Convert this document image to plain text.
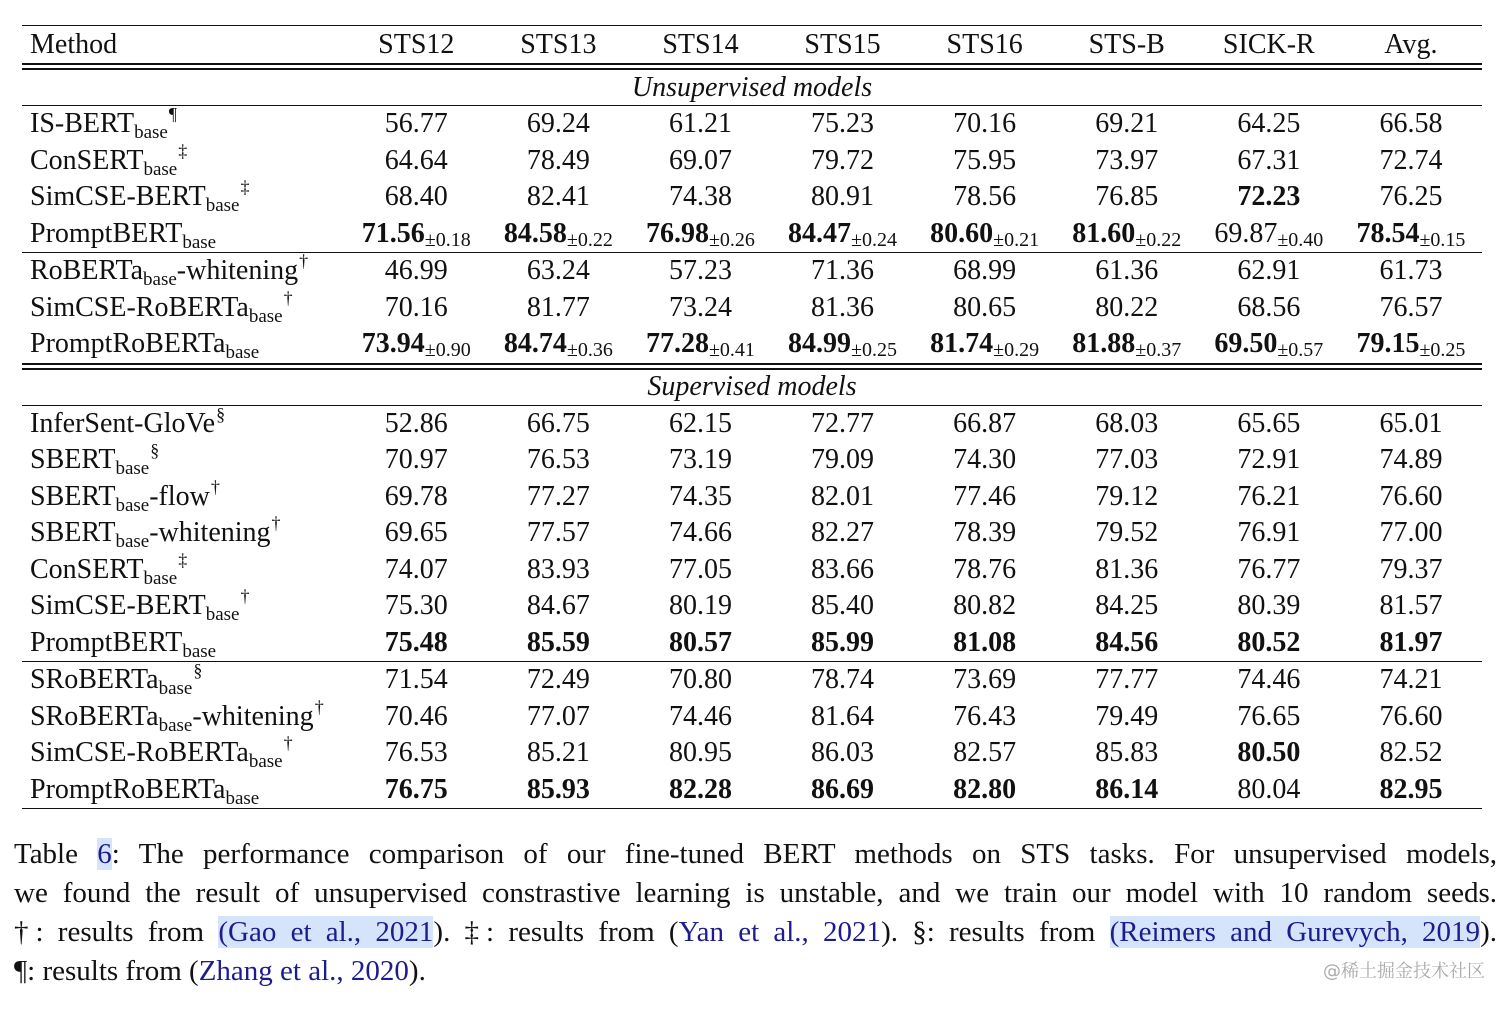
Method	STS12	STS13	STS14	STS15	STS16	STS-B	SICK-R	Avg.
Unsupervised models								
$IS-BERT_{base}^\P$	56.77	69.24	61.21	75.23	70.16	69.21	64.25	66.58
ConSERT$_{base}$‡	64.64	78.49	69.07	79.72	75.95	73.97	67.31	72.74
SimCSE-$BERT_{base}^\ddagger$	68.40	82.41	74.38	80.91	78.56	76.85	72.23	76.25
PromptBERT$_{base}$	71.56±0.18	84.58±0.22	76.98±0.26	84.47±0.24	80.60±0.21	81.60±0.22	69.87±0.40	78.54±0.15
RoBERTa$_{base}$-whitening†	46.99	63.24	57.23	71.36	68.99	61.36	62.91	61.73
SimCSE-RoBERTa$_{base}$†	70.16	81.77	73.24	81.36	80.65	80.22	68.56	76.57
PromptRoBERTa$_{base}$	73.94±0.90	84.74±0.36	77.28±0.41	84.99±0.25	81.74±0.29	81.88±0.37	69.50±0.57	79.15±0.25
Supervised models								
InferSent-GloVe§	52.86	66.75	62.15	72.77	66.87	68.03	65.65	65.01
$SBERT_{base}^\S$	70.97	76.53	73.19	79.09	74.30	77.03	72.91	74.89
$SBERT_{base}-flow^\dagger$	69.78	77.27	74.35	82.01	77.46	79.12	76.21	76.60
$SBERT_{base}-whitening^\dagger$	69.65	77.57	74.66	82.27	78.39	79.52	76.91	77.00
ConSERT$_{base}$‡	74.07	83.93	77.05	83.66	78.76	81.36	76.77	79.37
SimCSE-$BERT_{base}^\dagger$	75.30	84.67	80.19	85.40	80.82	84.25	80.39	81.57
PromptBERT$_{base}$	75.48	85.59	80.57	85.99	81.08	84.56	80.52	81.97
SRoBERTa$_{base}$§	71.54	72.49	70.80	78.74	73.69	77.77	74.46	74.21
SRoBERTa$_{base}$-whitening†	70.46	77.07	74.46	81.64	76.43	79.49	76.65	76.60
SimCSE-RoBERTa$_{base}$†	76.53	85.21	80.95	86.03	82.57	85.83	80.50	82.52
PromptRoBERTa$_{base}$	76.75	85.93	82.28	86.69	82.80	86.14	80.04	82.95
Table 6: The performance comparison of our fine-tuned BERT methods on STS tasks. For unsupervised models,
we found the result of unsupervised constrastive learning is unstable, and we train our model with 10 random seeds.
†: results from (Gao et al., 2021). ‡: results from (Yan et al., 2021). §: results from (Reimers and Gurevych, 2019).
@稀土掘金技术社区
¶: results from (Zhang et al., 2020).
